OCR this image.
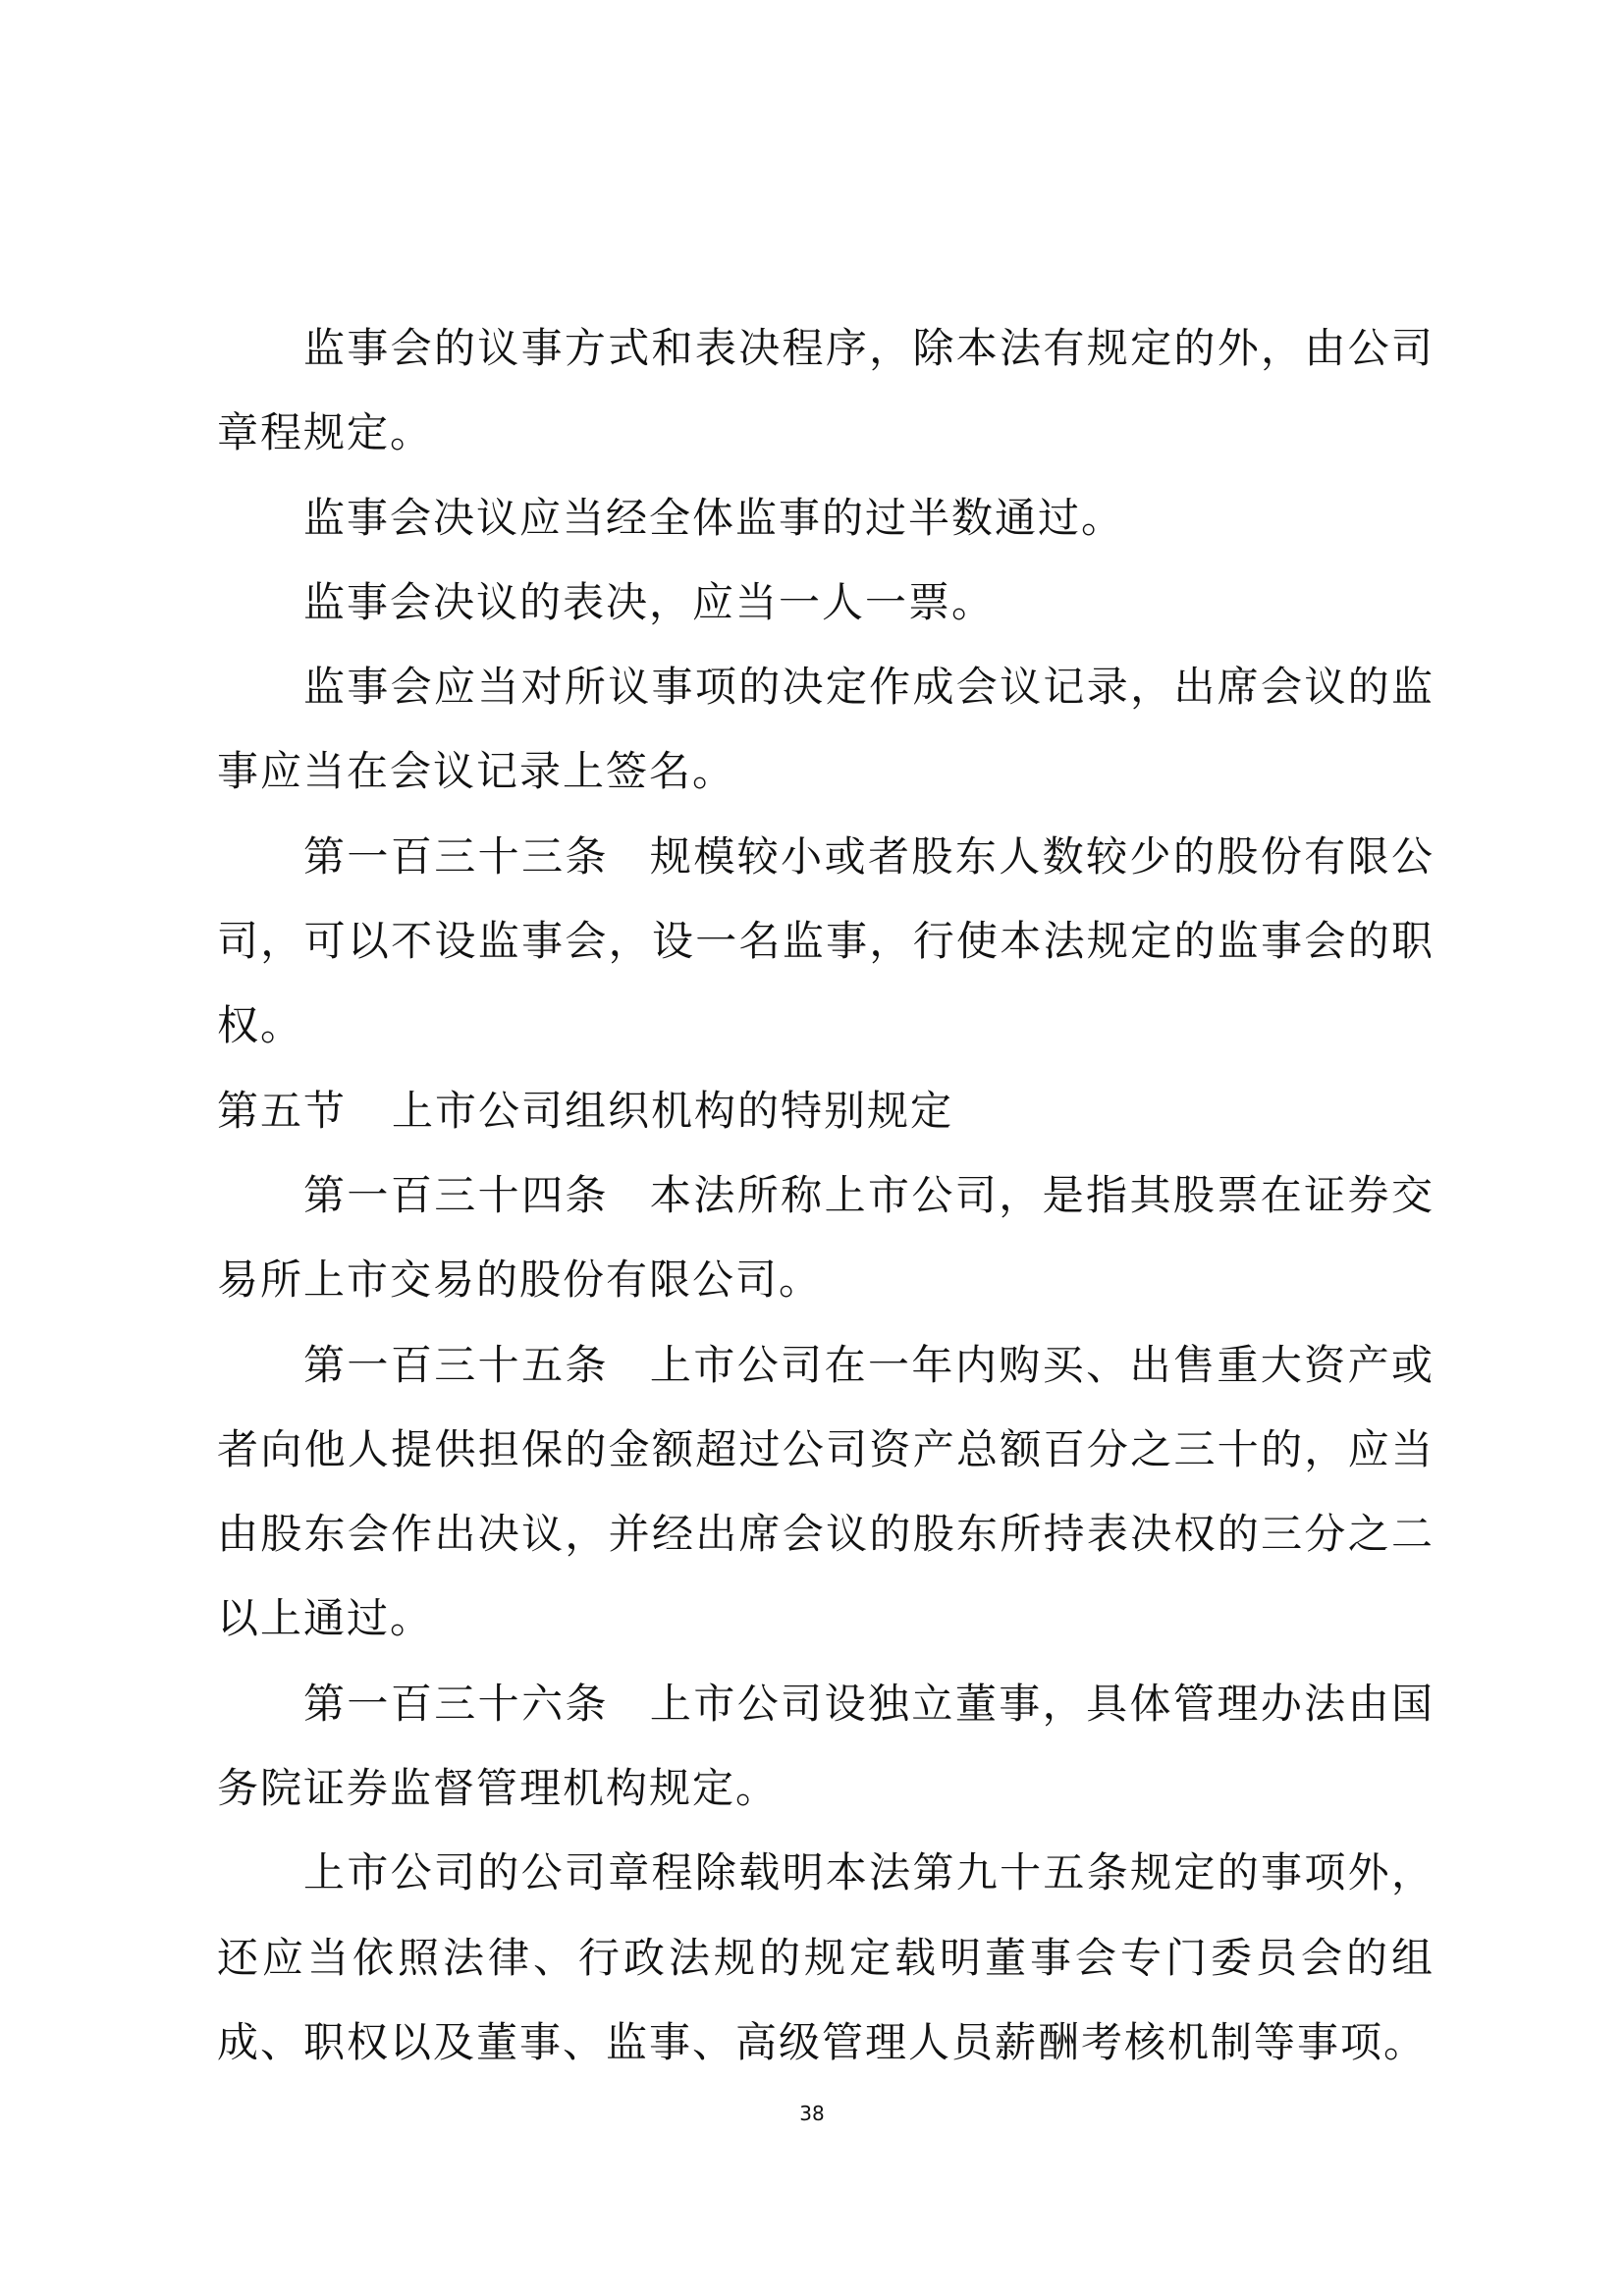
监事会的议事方式和表决程序，除本法有规定的外，由公司章程规定。

监事会决议应当经全体监事的过半数通过。

监事会决议的表决，应当一人一票。

监事会应当对所议事项的决定作成会议记录，出席会议的监事应当在会议记录上签名。

第一百三十三条 规模较小或者股东人数较少的股份有限公司，可以不设监事会，设一名监事，行使本法规定的监事会的职权。

第五节 上市公司组织机构的特别规定

第一百三十四条 本法所称上市公司，是指其股票在证券交易所上市交易的股份有限公司。

第一百三十五条 上市公司在一年内购买、出售重大资产或者向他人提供担保的金额超过公司资产总额百分之三十的，应当由股东会作出决议，并经出席会议的股东所持表决权的三分之二以上通过。

第一百三十六条 上市公司设独立董事，具体管理办法由国务院证券监督管理机构规定。

上市公司的公司章程除载明本法第九十五条规定的事项外，还应当依照法律、行政法规的规定载明董事会专门委员会的组成、职权以及董事、监事、高级管理人员薪酬考核机制等事项。

38
